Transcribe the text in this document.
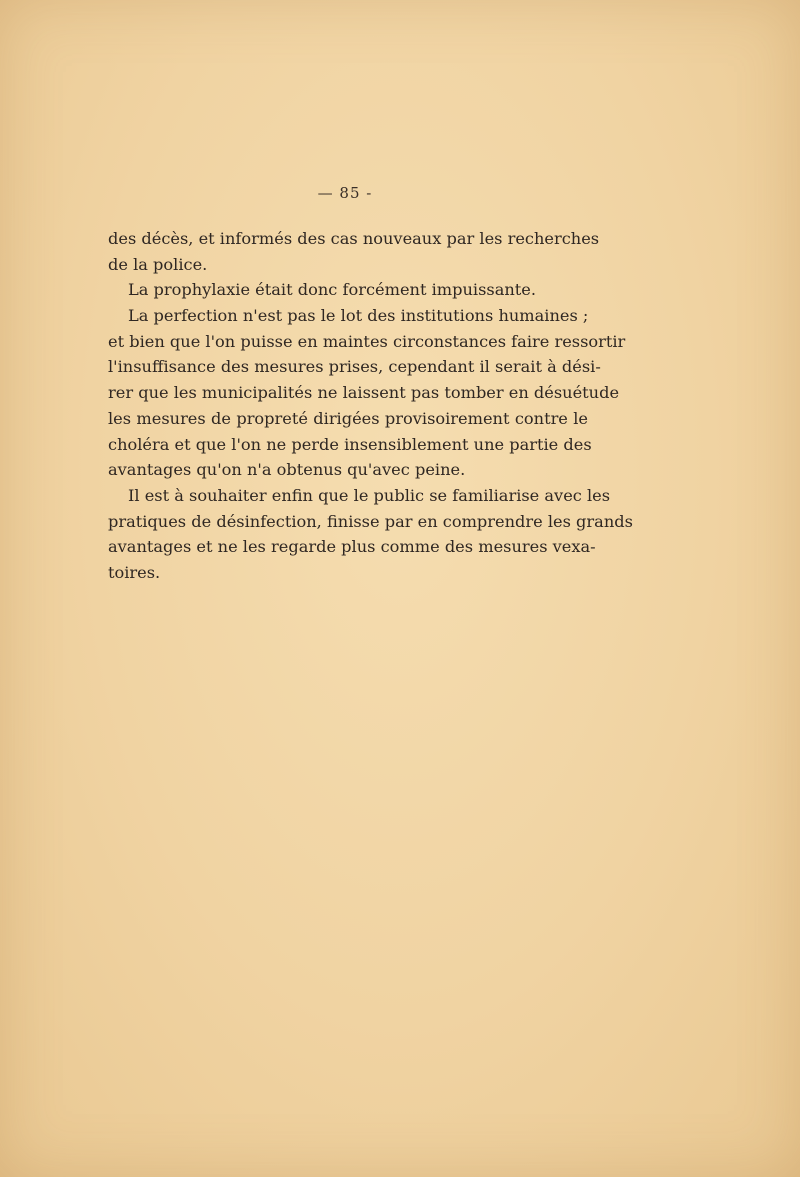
— 85 -
des décès, et informés des cas nouveaux par les recherches
de la police.
La prophylaxie était donc forcément impuissante.
La perfection n'est pas le lot des institutions humaines ;
et bien que l'on puisse en maintes circonstances faire ressortir
l'insuffisance des mesures prises, cependant il serait à dési-
rer que les municipalités ne laissent pas tomber en désuétude
les mesures de propreté dirigées provisoirement contre le
choléra et que l'on ne perde insensiblement une partie des
avantages qu'on n'a obtenus qu'avec peine.
Il est à souhaiter enfin que le public se familiarise avec les
pratiques de désinfection, finisse par en comprendre les grands
avantages et ne les regarde plus comme des mesures vexa-
toires.
